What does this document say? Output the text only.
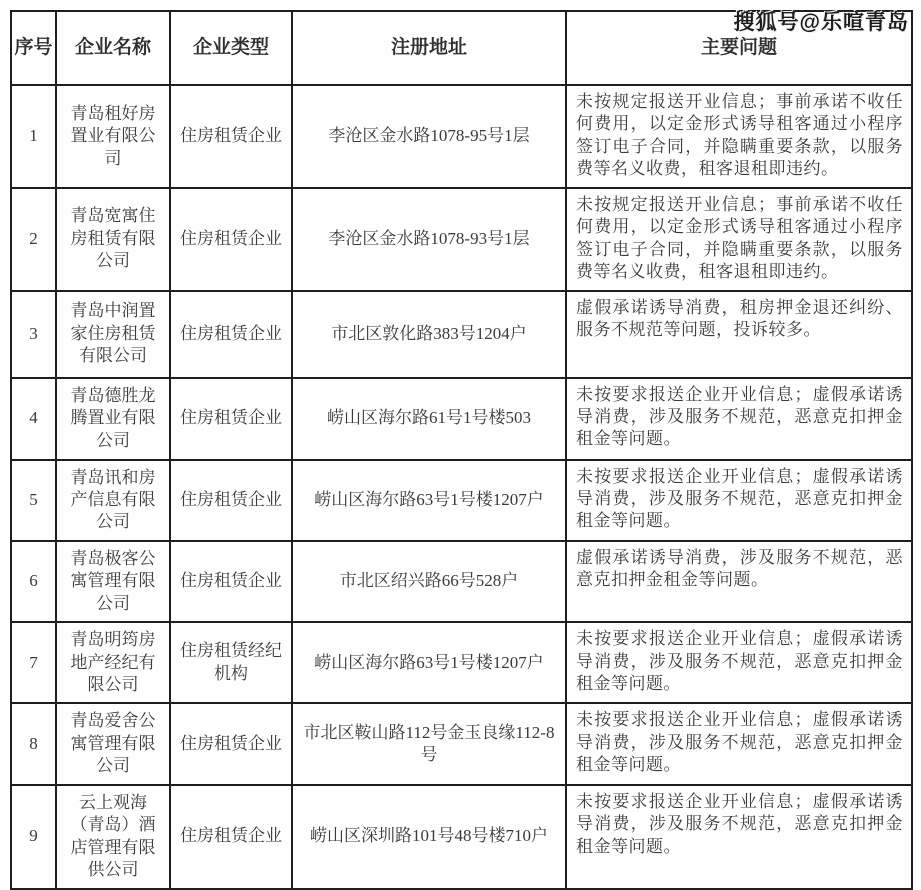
搜狐号@乐喧青岛
序号	企业名称	企业类型	注册地址	主要问题
1	青岛租好房置业有限公司	住房租赁企业	李沧区金水路1078-95号1层	未按规定报送开业信息；事前承诺不收任何费用，以定金形式诱导租客通过小程序签订电子合同，并隐瞒重要条款，以服务费等名义收费，租客退租即违约。
2	青岛宽寓住房租赁有限公司	住房租赁企业	李沧区金水路1078-93号1层	未按规定报送开业信息；事前承诺不收任何费用，以定金形式诱导租客通过小程序签订电子合同，并隐瞒重要条款，以服务费等名义收费，租客退租即违约。
3	青岛中润置家住房租赁有限公司	住房租赁企业	市北区敦化路383号1204户	虚假承诺诱导消费，租房押金退还纠纷、服务不规范等问题，投诉较多。
4	青岛德胜龙腾置业有限公司	住房租赁企业	崂山区海尔路61号1号楼503	未按要求报送企业开业信息；虚假承诺诱导消费，涉及服务不规范，恶意克扣押金租金等问题。
5	青岛讯和房产信息有限公司	住房租赁企业	崂山区海尔路63号1号楼1207户	未按要求报送企业开业信息；虚假承诺诱导消费，涉及服务不规范，恶意克扣押金租金等问题。
6	青岛极客公寓管理有限公司	住房租赁企业	市北区绍兴路66号528户	虚假承诺诱导消费，涉及服务不规范，恶意克扣押金租金等问题。
7	青岛明筠房地产经纪有限公司	住房租赁经纪机构	崂山区海尔路63号1号楼1207户	未按要求报送企业开业信息；虚假承诺诱导消费，涉及服务不规范，恶意克扣押金租金等问题。
8	青岛爱舍公寓管理有限公司	住房租赁企业	市北区鞍山路112号金玉良缘112-8号	未按要求报送企业开业信息；虚假承诺诱导消费，涉及服务不规范，恶意克扣押金租金等问题。
9	云上观海（青岛）酒店管理有限供公司	住房租赁企业	崂山区深圳路101号48号楼710户	未按要求报送企业开业信息；虚假承诺诱导消费，涉及服务不规范，恶意克扣押金租金等问题。
